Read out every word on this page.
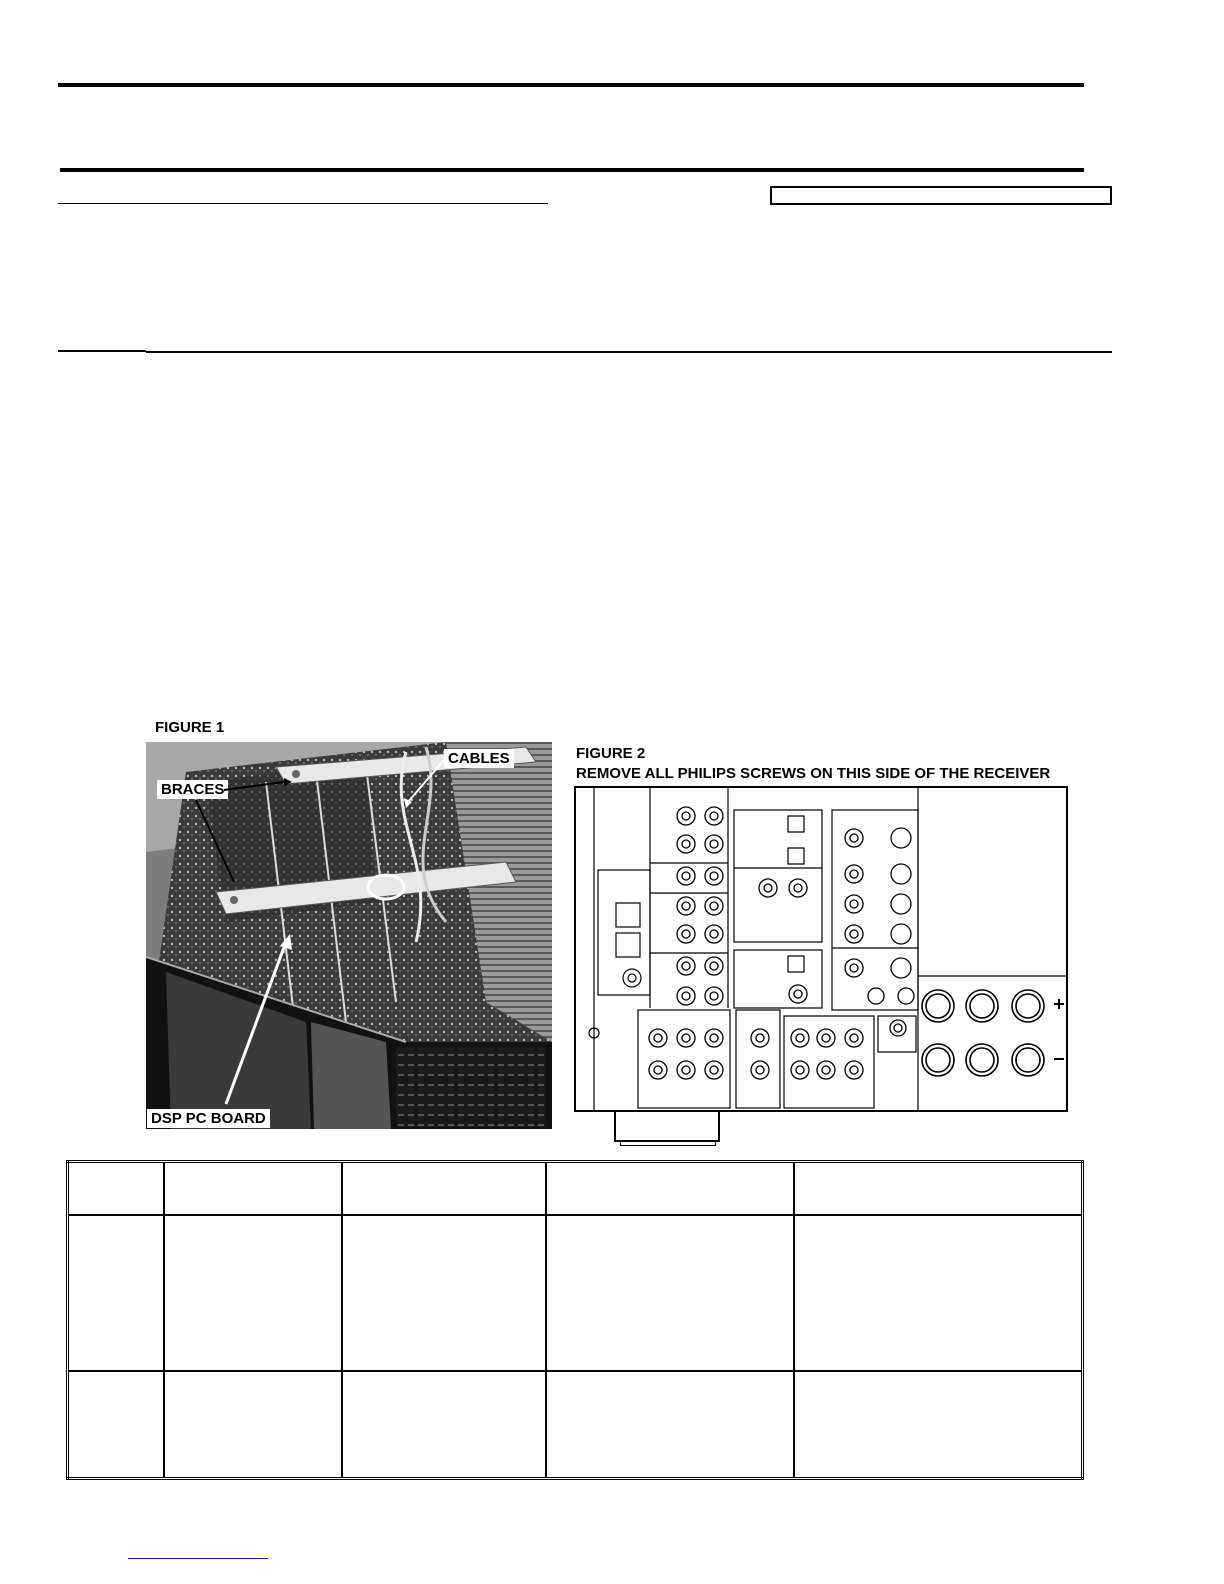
FIGURE 1
BRACES
CABLES
DSP PC BOARD
FIGURE 2
REMOVE ALL PHILIPS SCREWS ON THIS SIDE OF THE RECEIVER
